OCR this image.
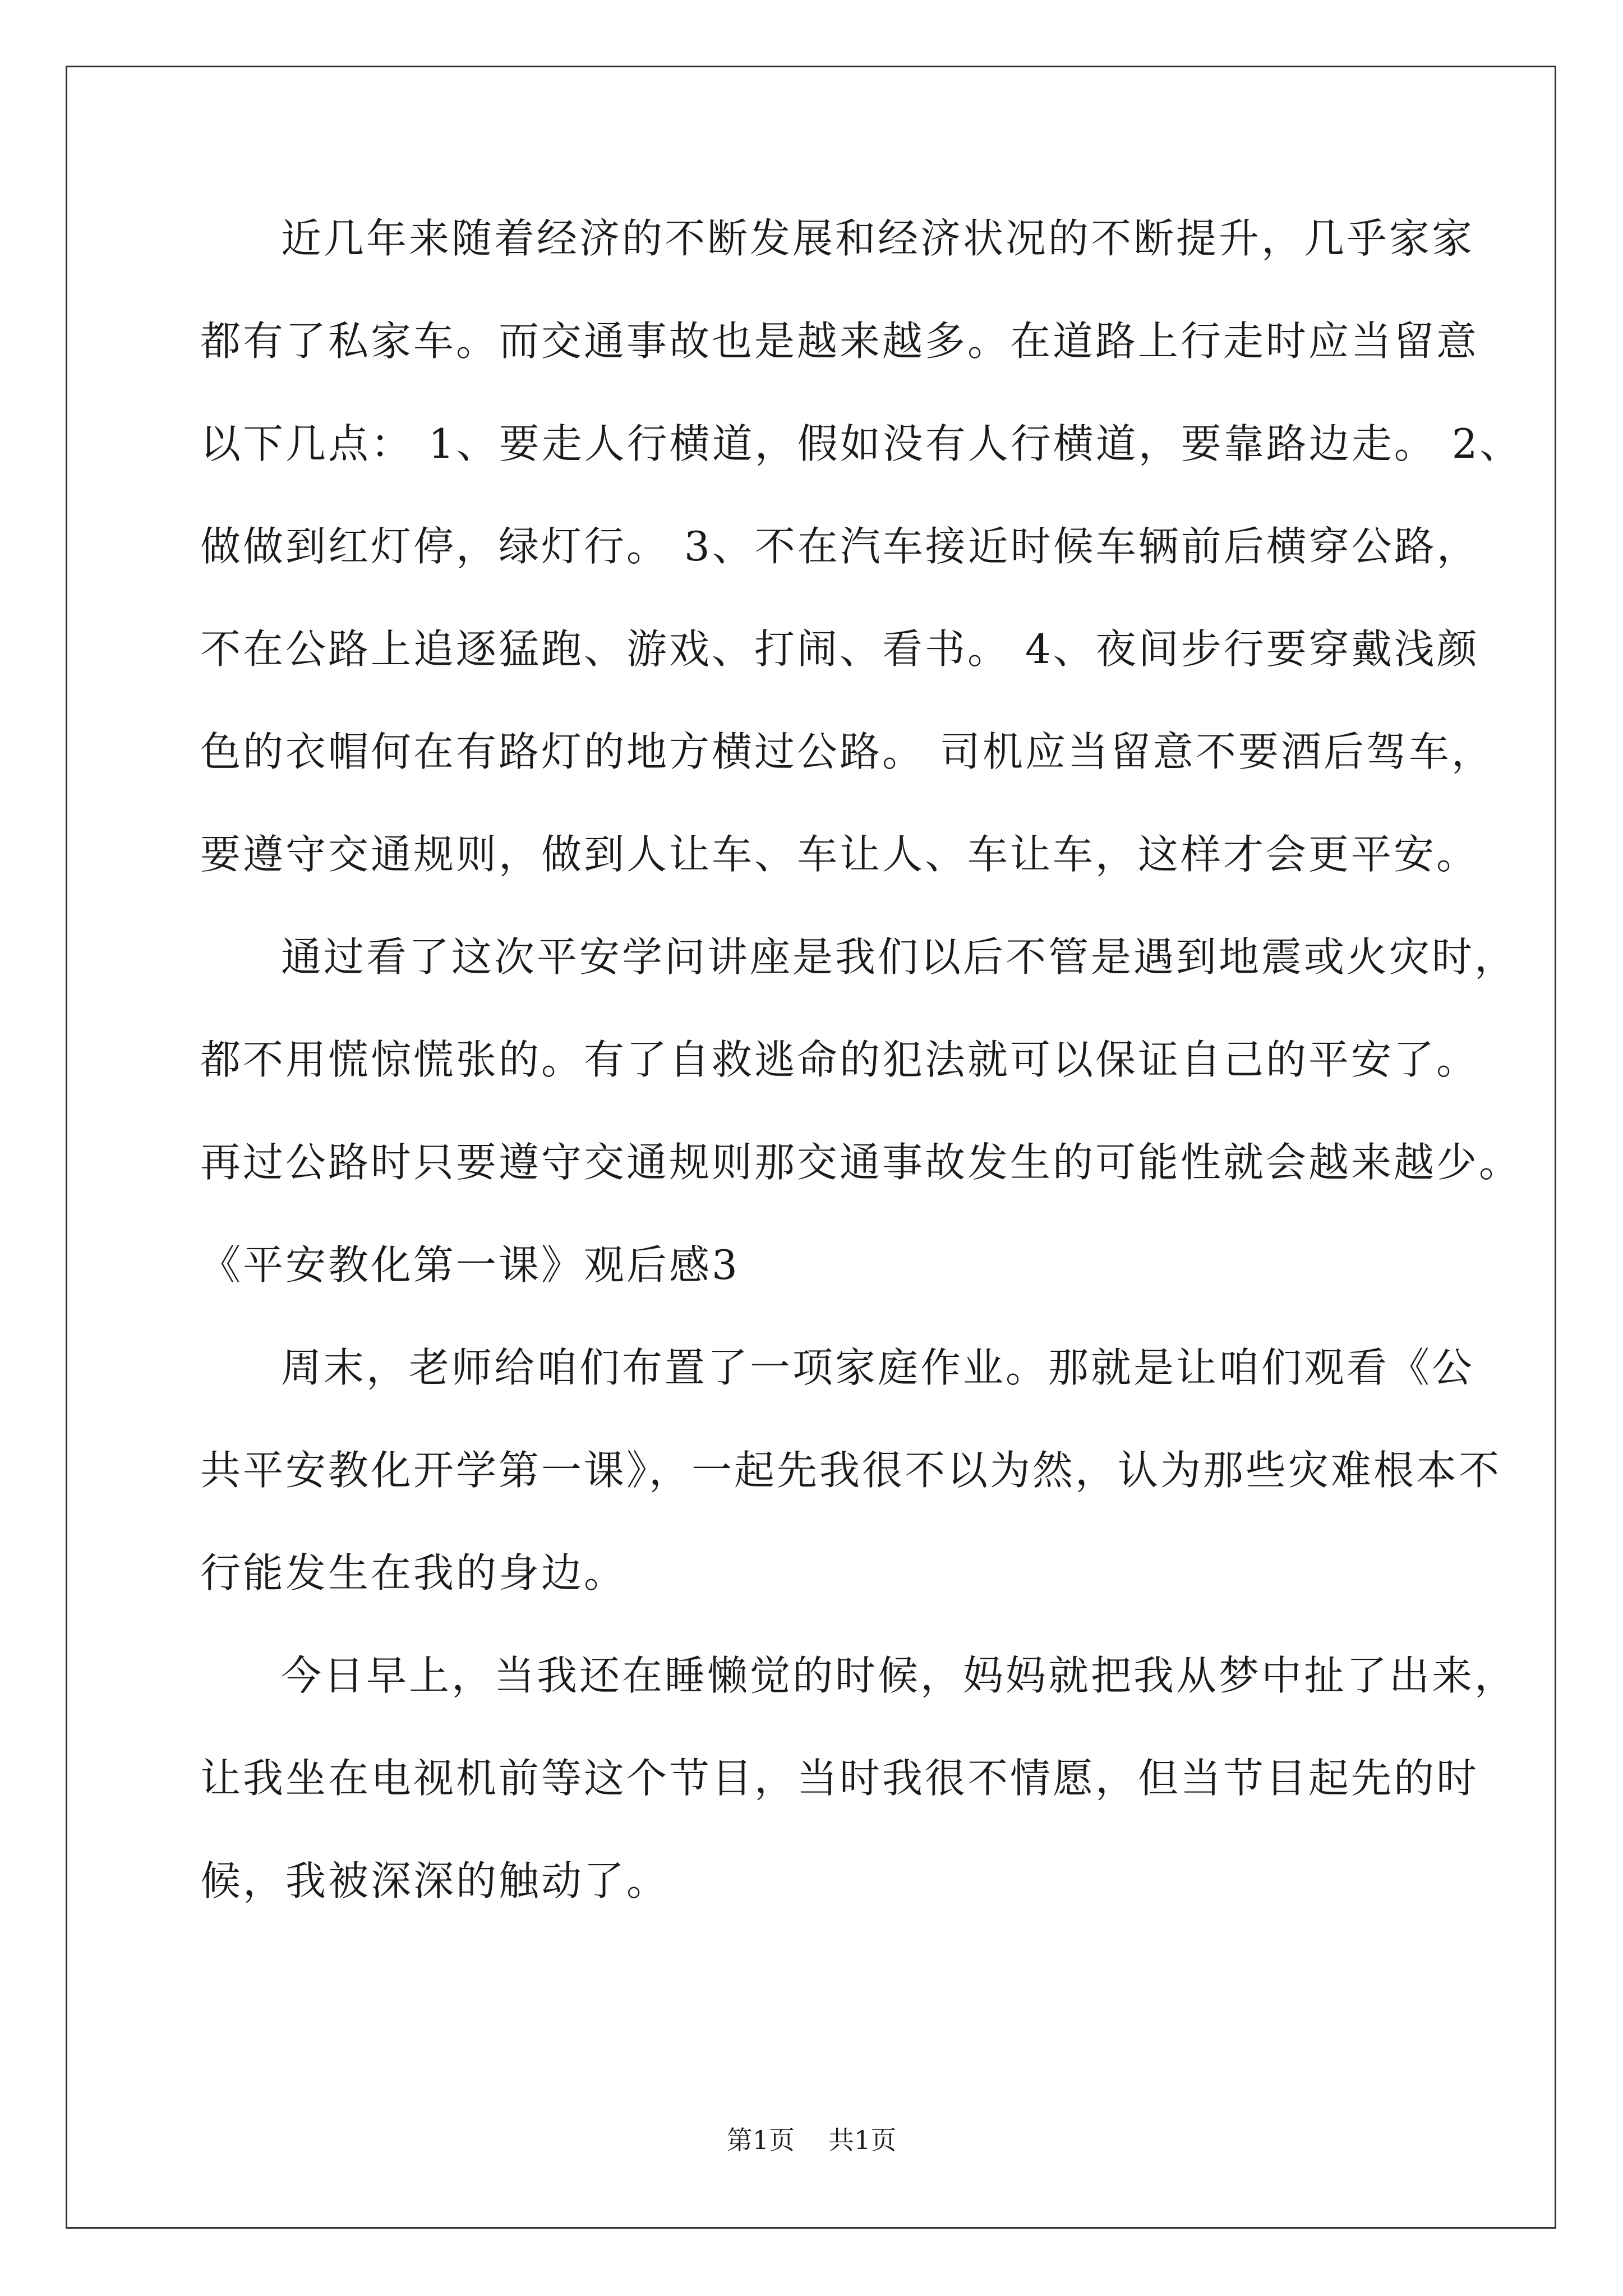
近几年来随着经济的不断发展和经济状况的不断提升，几乎家家
都有了私家车。而交通事故也是越来越多。在道路上行走时应当留意
以下几点： 1、要走人行横道，假如没有人行横道，要靠路边走。 2、
做做到红灯停，绿灯行。 3、不在汽车接近时候车辆前后横穿公路，
不在公路上追逐猛跑、游戏、打闹、看书。 4、夜间步行要穿戴浅颜
色的衣帽何在有路灯的地方横过公路。 司机应当留意不要酒后驾车，
要遵守交通规则，做到人让车、车让人、车让车，这样才会更平安。
通过看了这次平安学问讲座是我们以后不管是遇到地震或火灾时，
都不用慌惊慌张的。有了自救逃命的犯法就可以保证自己的平安了。
再过公路时只要遵守交通规则那交通事故发生的可能性就会越来越少。
《平安教化第一课》观后感3
周末，老师给咱们布置了一项家庭作业。那就是让咱们观看《公
共平安教化开学第一课》，一起先我很不以为然，认为那些灾难根本不
行能发生在我的身边。
今日早上，当我还在睡懒觉的时候，妈妈就把我从梦中扯了出来，
让我坐在电视机前等这个节目，当时我很不情愿，但当节目起先的时
候，我被深深的触动了。
第1页 共1页
